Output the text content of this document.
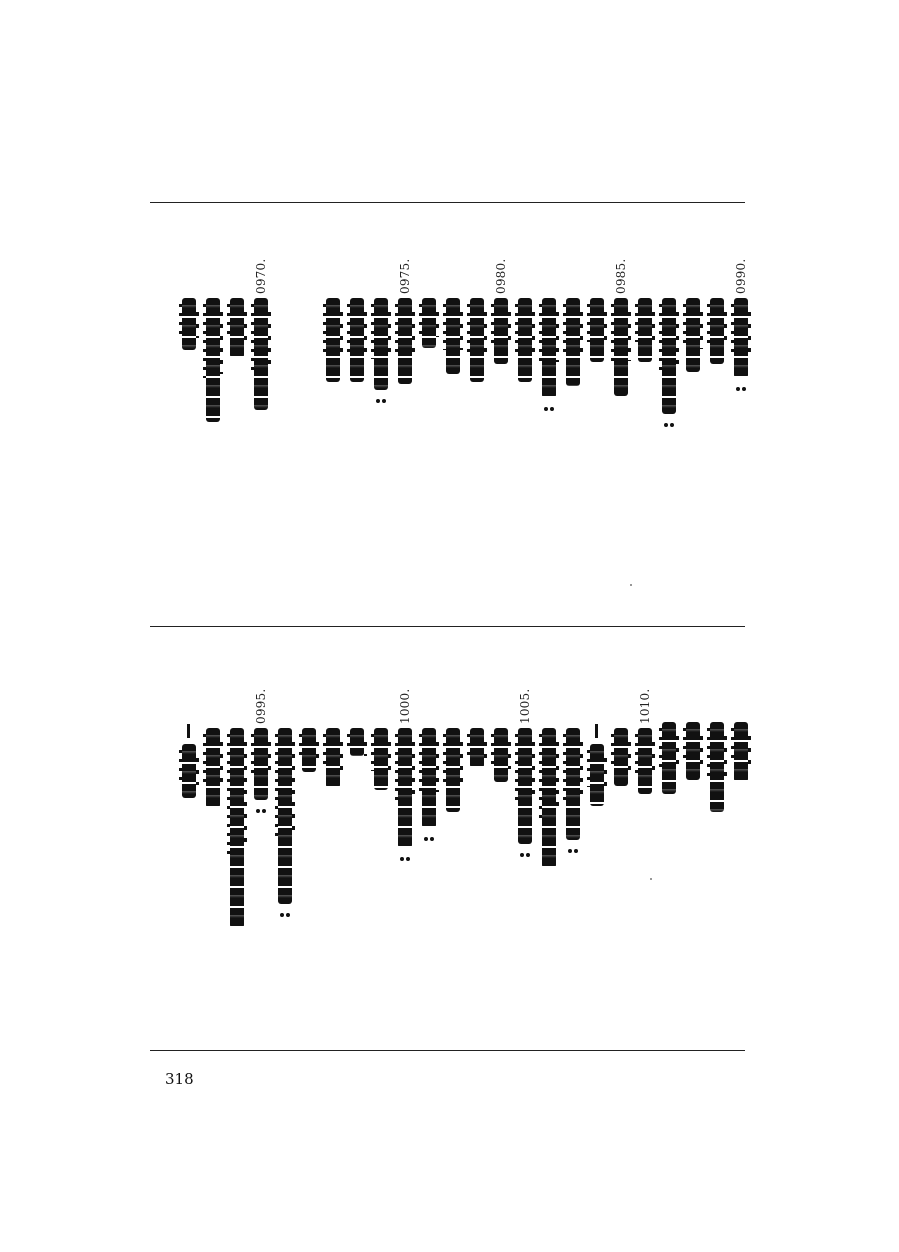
0990.
0985.
0980.
0975.
0970.
1010.
1005.
1000.
0995.
318
